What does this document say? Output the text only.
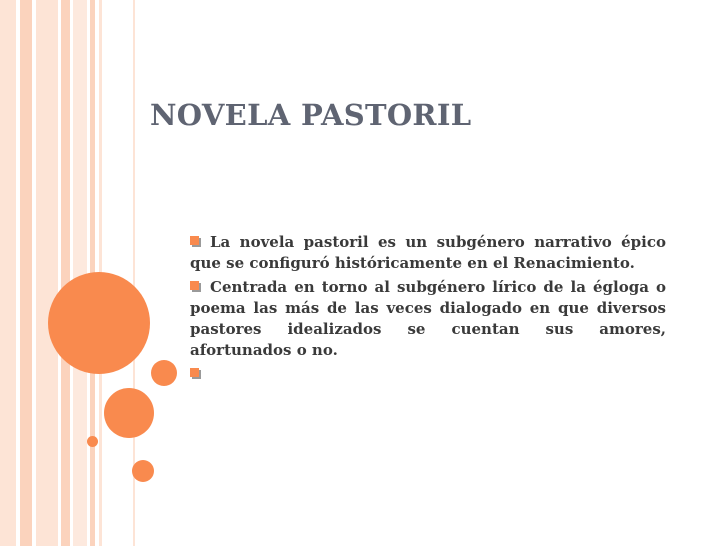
NOVELA PASTORIL
La novela pastoril es un subgénero narrativo épico que se configuró históricamente en el Renacimiento.
Centrada en torno al subgénero lírico de la égloga o poema las más de las veces dialogado en que diversos pastores idealizados se cuentan sus amores, afortunados o no.
